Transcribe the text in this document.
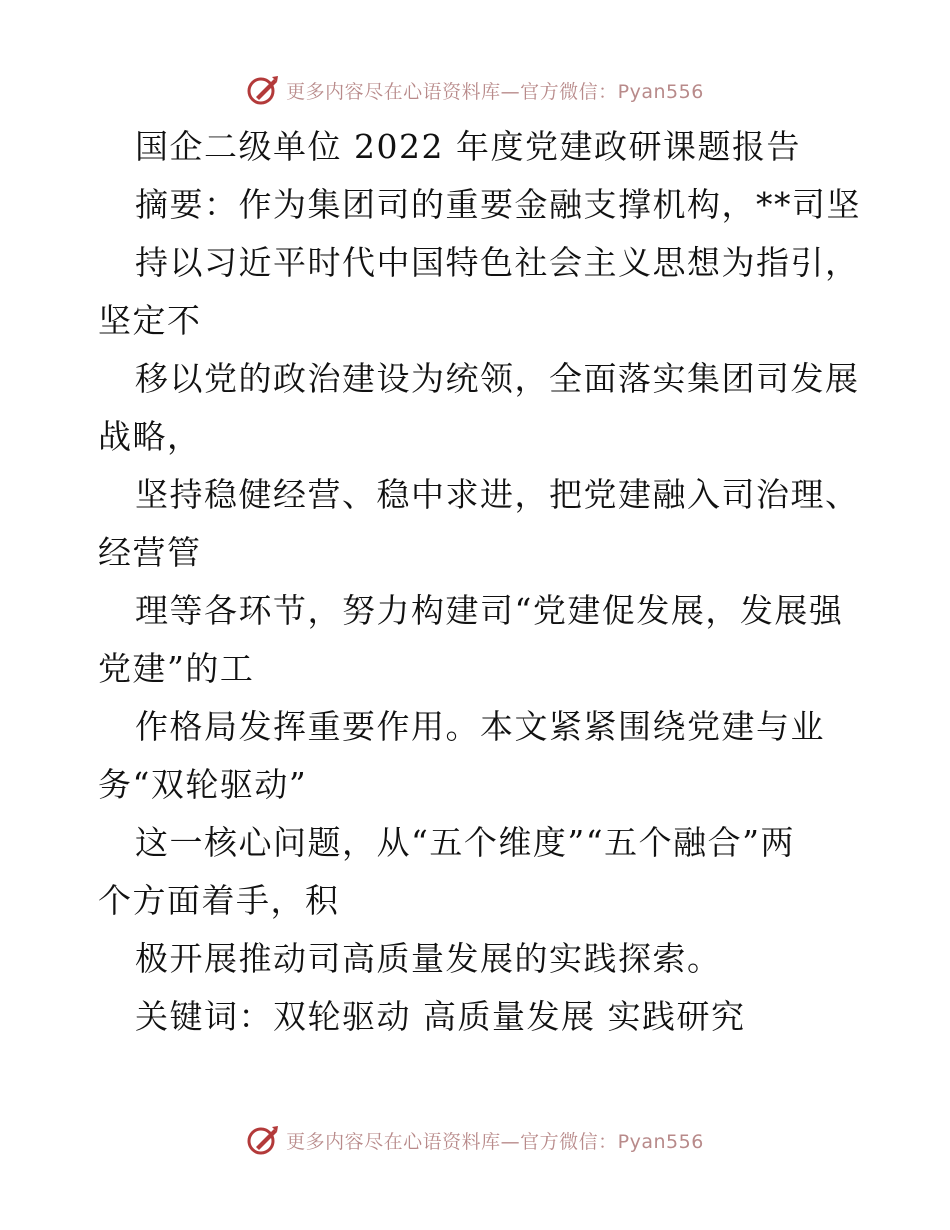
更多内容尽在心语资料库—官方微信：Pyan556
国企二级单位 2022 年度党建政研课题报告
摘要：作为集团司的重要金融支撑机构，**司坚
持以习近平时代中国特色社会主义思想为指引，
坚定不
移以党的政治建设为统领，全面落实集团司发展
战略，
坚持稳健经营、稳中求进，把党建融入司治理、
经营管
理等各环节，努力构建司“党建促发展，发展强
党建”的工
作格局发挥重要作用。本文紧紧围绕党建与业
务“双轮驱动”
这一核心问题，从“五个维度”“五个融合”两
个方面着手，积
极开展推动司高质量发展的实践探索。
关键词：双轮驱动 高质量发展 实践研究
更多内容尽在心语资料库—官方微信：Pyan556
